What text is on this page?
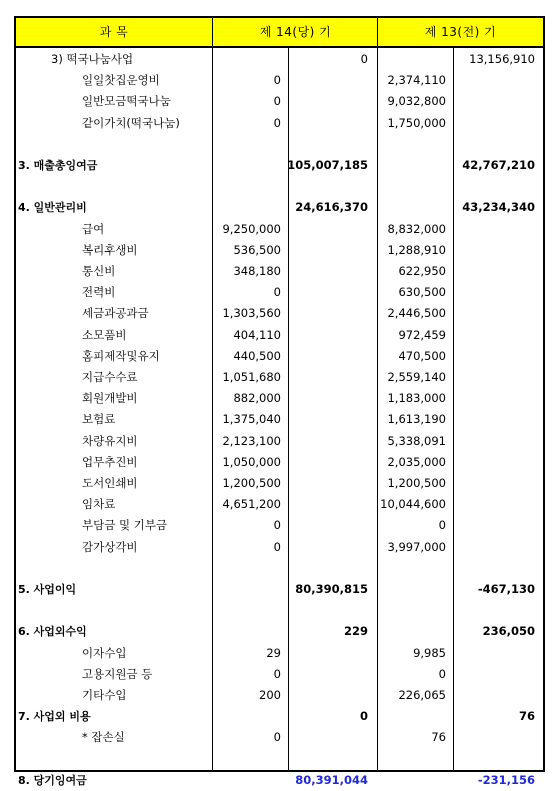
과 목	제 14(당) 기	제 13(전) 기
3) 떡국나눔사업	0	13,156,910
일일찻집운영비	0	2,374,110
일반모금떡국나눔	0	9,032,800
같이가치(떡국나눔)	0	1,750,000
3. 매출총잉여금	105,007,185	42,767,210
4. 일반관리비	24,616,370	43,234,340
급여	9,250,000	8,832,000
복리후생비	536,500	1,288,910
통신비	348,180	622,950
전력비	0	630,500
세금과공과금	1,303,560	2,446,500
소모품비	404,110	972,459
홈피제작및유지	440,500	470,500
지급수수료	1,051,680	2,559,140
회원개발비	882,000	1,183,000
보험료	1,375,040	1,613,190
차량유지비	2,123,100	5,338,091
업무추진비	1,050,000	2,035,000
도서인쇄비	1,200,500	1,200,500
임차료	4,651,200	10,044,600
부담금 및 기부금	0	0
감가상각비	0	3,997,000
5. 사업이익	80,390,815	-467,130
6. 사업외수익	229	236,050
이자수입	29	9,985
고용지원금 등	0	0
기타수입	200	226,065
7. 사업외 비용	0	76
* 잡손실	0	76
8. 당기잉여금	80,391,044	-231,156
